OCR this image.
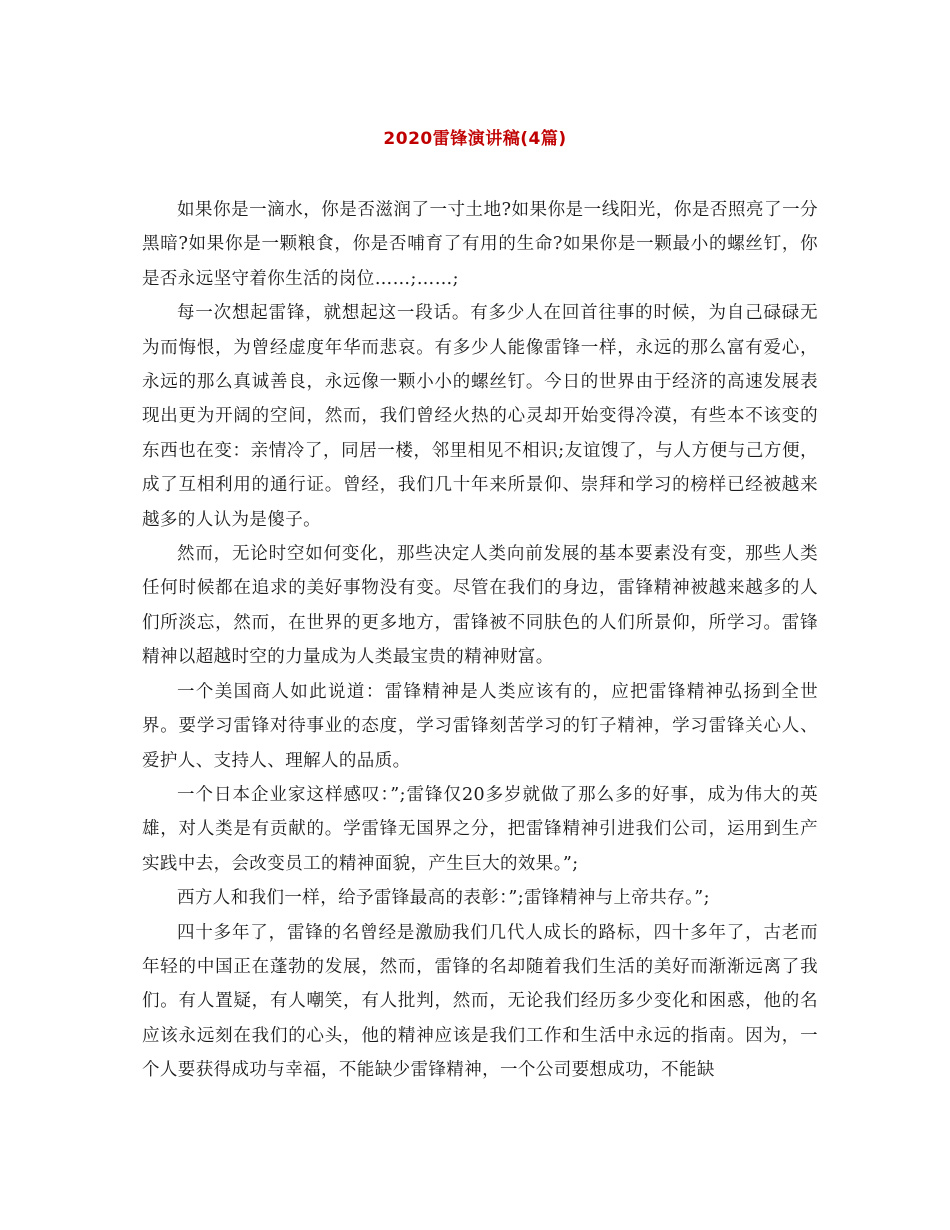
2020雷锋演讲稿(4篇)

如果你是一滴水，你是否滋润了一寸土地?如果你是一线阳光，你是否照亮了一分黑暗?如果你是一颗粮食，你是否哺育了有用的生命?如果你是一颗最小的螺丝钉，你是否永远坚守着你生活的岗位……;……;

每一次想起雷锋，就想起这一段话。有多少人在回首往事的时候，为自己碌碌无为而悔恨，为曾经虚度年华而悲哀。有多少人能像雷锋一样，永远的那么富有爱心，永远的那么真诚善良，永远像一颗小小的螺丝钉。今日的世界由于经济的高速发展表现出更为开阔的空间，然而，我们曾经火热的心灵却开始变得冷漠，有些本不该变的东西也在变：亲情冷了，同居一楼，邻里相见不相识;友谊馊了，与人方便与己方便，成了互相利用的通行证。曾经，我们几十年来所景仰、崇拜和学习的榜样已经被越来越多的人认为是傻子。

然而，无论时空如何变化，那些决定人类向前发展的基本要素没有变，那些人类任何时候都在追求的美好事物没有变。尽管在我们的身边，雷锋精神被越来越多的人们所淡忘，然而，在世界的更多地方，雷锋被不同肤色的人们所景仰，所学习。雷锋精神以超越时空的力量成为人类最宝贵的精神财富。

一个美国商人如此说道：雷锋精神是人类应该有的，应把雷锋精神弘扬到全世界。要学习雷锋对待事业的态度，学习雷锋刻苦学习的钉子精神，学习雷锋关心人、爱护人、支持人、理解人的品质。

一个日本企业家这样感叹：”;雷锋仅20多岁就做了那么多的好事，成为伟大的英雄，对人类是有贡献的。学雷锋无国界之分，把雷锋精神引进我们公司，运用到生产实践中去，会改变员工的精神面貌，产生巨大的效果。”;

西方人和我们一样，给予雷锋最高的表彰：”;雷锋精神与上帝共存。”;

四十多年了，雷锋的名曾经是激励我们几代人成长的路标，四十多年了，古老而年轻的中国正在蓬勃的发展，然而，雷锋的名却随着我们生活的美好而渐渐远离了我们。有人置疑，有人嘲笑，有人批判，然而，无论我们经历多少变化和困惑，他的名应该永远刻在我们的心头，他的精神应该是我们工作和生活中永远的指南。因为，一个人要获得成功与幸福，不能缺少雷锋精神，一个公司要想成功，不能缺
